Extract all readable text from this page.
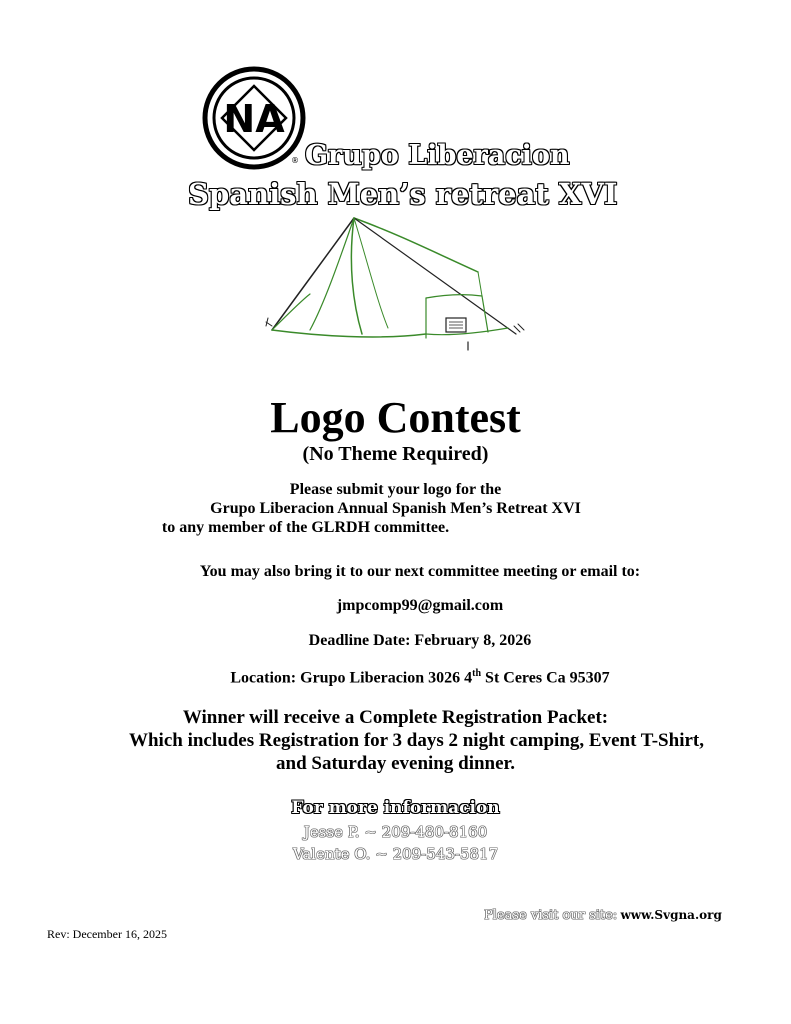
NA
® Grupo Liberacion
Spanish Men’s retreat XVI
Logo Contest
(No Theme Required)
Please submit your logo for the
Grupo Liberacion Annual Spanish Men’s Retreat XVI
to any member of the GLRDH committee.
You may also bring it to our next committee meeting or email to:
jmpcomp99@gmail.com
Deadline Date: February 8, 2026
Location: Grupo Liberacion 3026 4th St Ceres Ca 95307
Winner will receive a Complete Registration Packet:
Which includes Registration for 3 days 2 night camping, Event T-Shirt,
and Saturday evening dinner.
For more informacion
Jesse P. ~ 209-480-8160
Valente O. ~ 209-543-5817
Please visit our site: www.Svgna.org
Rev: December 16, 2025
